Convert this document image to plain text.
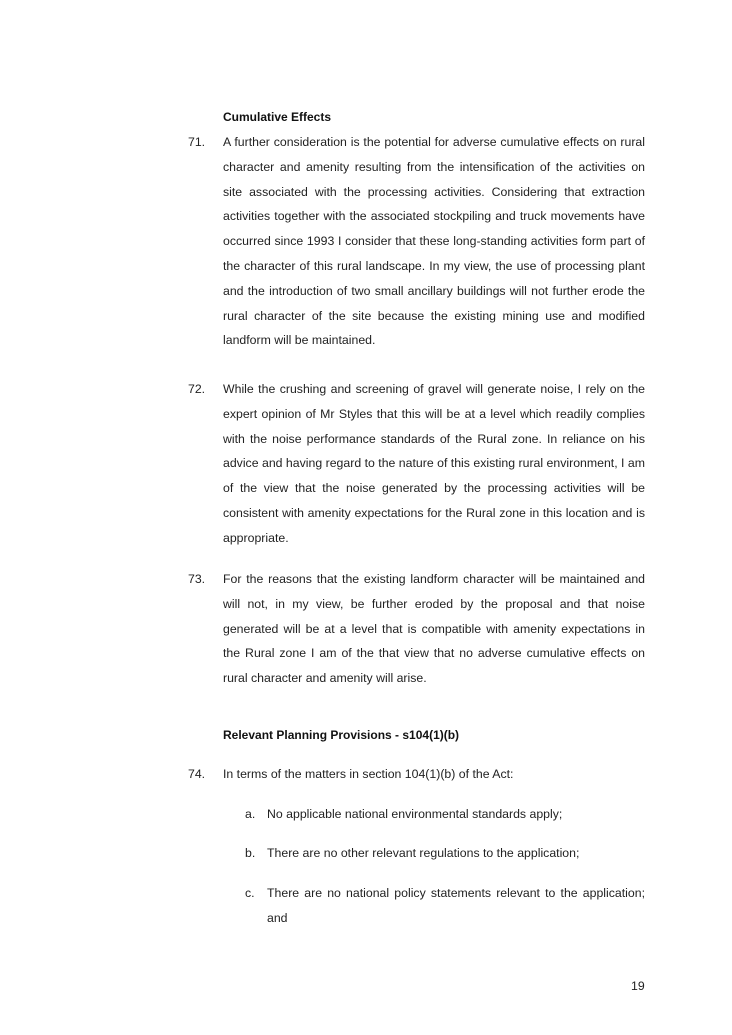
Cumulative Effects
71. A further consideration is the potential for adverse cumulative effects on rural character and amenity resulting from the intensification of the activities on site associated with the processing activities. Considering that extraction activities together with the associated stockpiling and truck movements have occurred since 1993 I consider that these long-standing activities form part of the character of this rural landscape. In my view, the use of processing plant and the introduction of two small ancillary buildings will not further erode the rural character of the site because the existing mining use and modified landform will be maintained.

72. While the crushing and screening of gravel will generate noise, I rely on the expert opinion of Mr Styles that this will be at a level which readily complies with the noise performance standards of the Rural zone. In reliance on his advice and having regard to the nature of this existing rural environment, I am of the view that the noise generated by the processing activities will be consistent with amenity expectations for the Rural zone in this location and is appropriate.

73. For the reasons that the existing landform character will be maintained and will not, in my view, be further eroded by the proposal and that noise generated will be at a level that is compatible with amenity expectations in the Rural zone I am of the that view that no adverse cumulative effects on rural character and amenity will arise.

Relevant Planning Provisions - s104(1)(b)
74. In terms of the matters in section 104(1)(b) of the Act:

a. No applicable national environmental standards apply;

b. There are no other relevant regulations to the application;

c. There are no national policy statements relevant to the application; and

19
